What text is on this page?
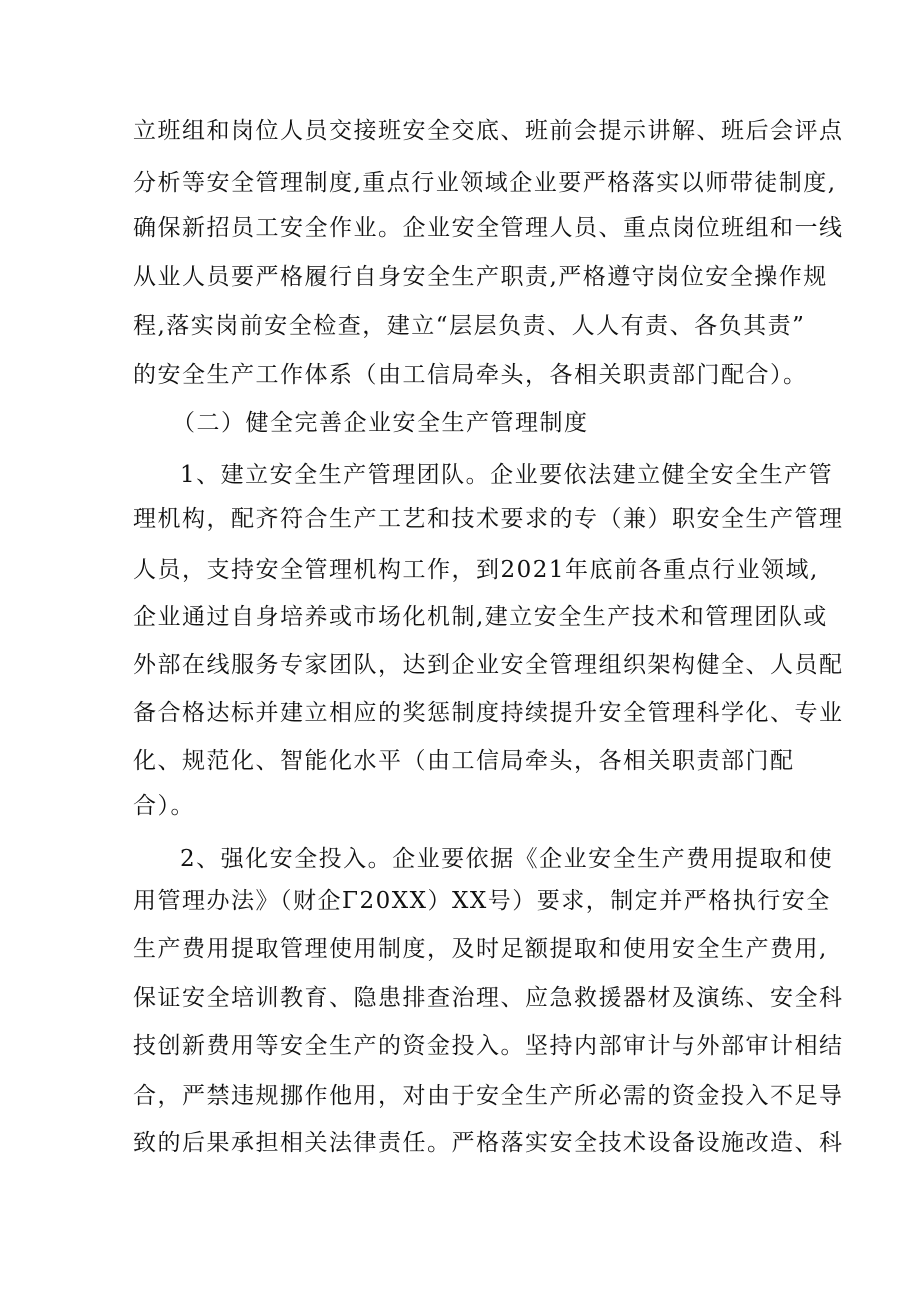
立班组和岗位人员交接班安全交底、班前会提示讲解、班后会评点
分析等安全管理制度,重点行业领域企业要严格落实以师带徒制度,
确保新招员工安全作业。企业安全管理人员、重点岗位班组和一线
从业人员要严格履行自身安全生产职责,严格遵守岗位安全操作规
程,落实岗前安全检查，建立“层层负责、人人有责、各负其责”
的安全生产工作体系（由工信局牵头，各相关职责部门配合）。
（二）健全完善企业安全生产管理制度
1、建立安全生产管理团队。企业要依法建立健全安全生产管
理机构，配齐符合生产工艺和技术要求的专（兼）职安全生产管理
人员，支持安全管理机构工作，到2021年底前各重点行业领域,
企业通过自身培养或市场化机制,建立安全生产技术和管理团队或
外部在线服务专家团队，达到企业安全管理组织架构健全、人员配
备合格达标并建立相应的奖惩制度持续提升安全管理科学化、专业
化、规范化、智能化水平（由工信局牵头，各相关职责部门配
合）。
2、强化安全投入。企业要依据《企业安全生产费用提取和使
用管理办法》（财企Γ20XX）XX号）要求，制定并严格执行安全
生产费用提取管理使用制度，及时足额提取和使用安全生产费用,
保证安全培训教育、隐患排查治理、应急救援器材及演练、安全科
技创新费用等安全生产的资金投入。坚持内部审计与外部审计相结
合，严禁违规挪作他用，对由于安全生产所必需的资金投入不足导
致的后果承担相关法律责任。严格落实安全技术设备设施改造、科
